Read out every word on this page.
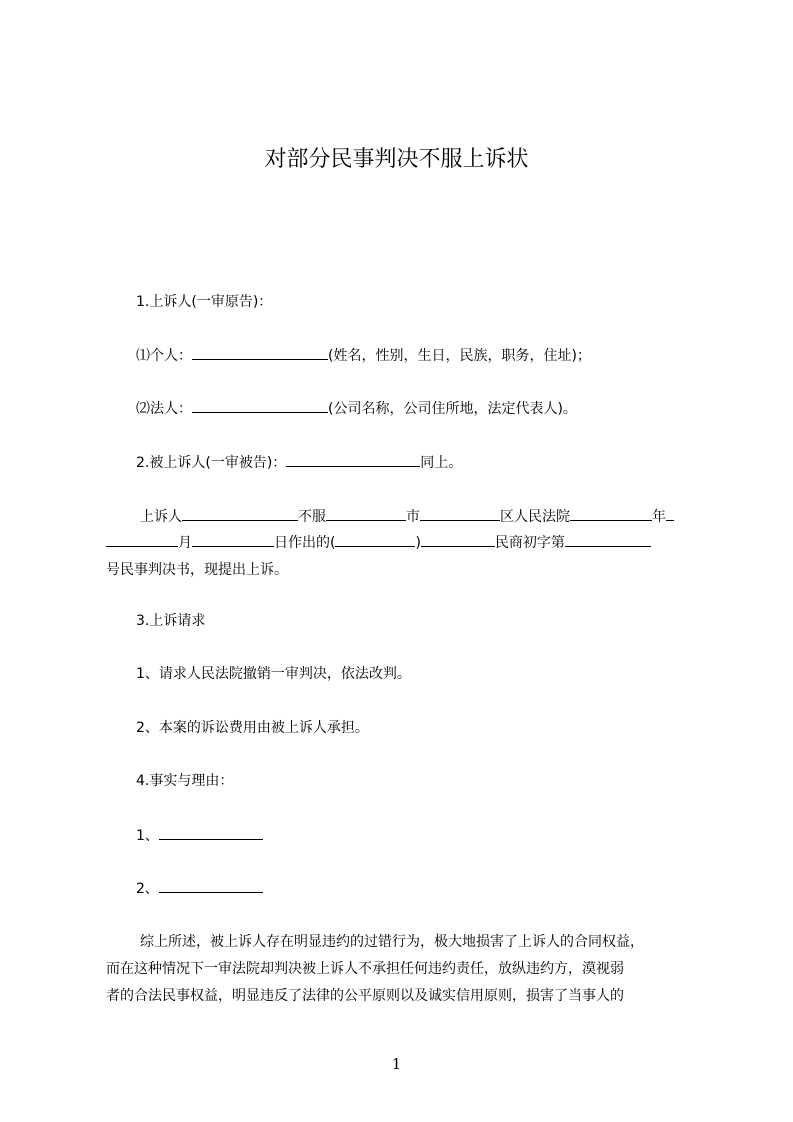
对部分民事判决不服上诉状
1.上诉人(一审原告)：
⑴个人：	(姓名，性别，生日，民族，职务，住址)；
⑵法人：	(公司名称，公司住所地，法定代表人)。
2.被上诉人(一审被告)：	同上。
上诉人	不服	市	区人民法院	年
月	日作出的(	)	民商初字第
号民事判决书，现提出上诉。
3.上诉请求
1、请求人民法院撤销一审判决，依法改判。
2、本案的诉讼费用由被上诉人承担。
4.事实与理由：
1、
2、
综上所述，被上诉人存在明显违约的过错行为，极大地损害了上诉人的合同权益，
而在这种情况下一审法院却判决被上诉人不承担任何违约责任，放纵违约方，漠视弱
者的合法民事权益，明显违反了法律的公平原则以及诚实信用原则，损害了当事人的
1
